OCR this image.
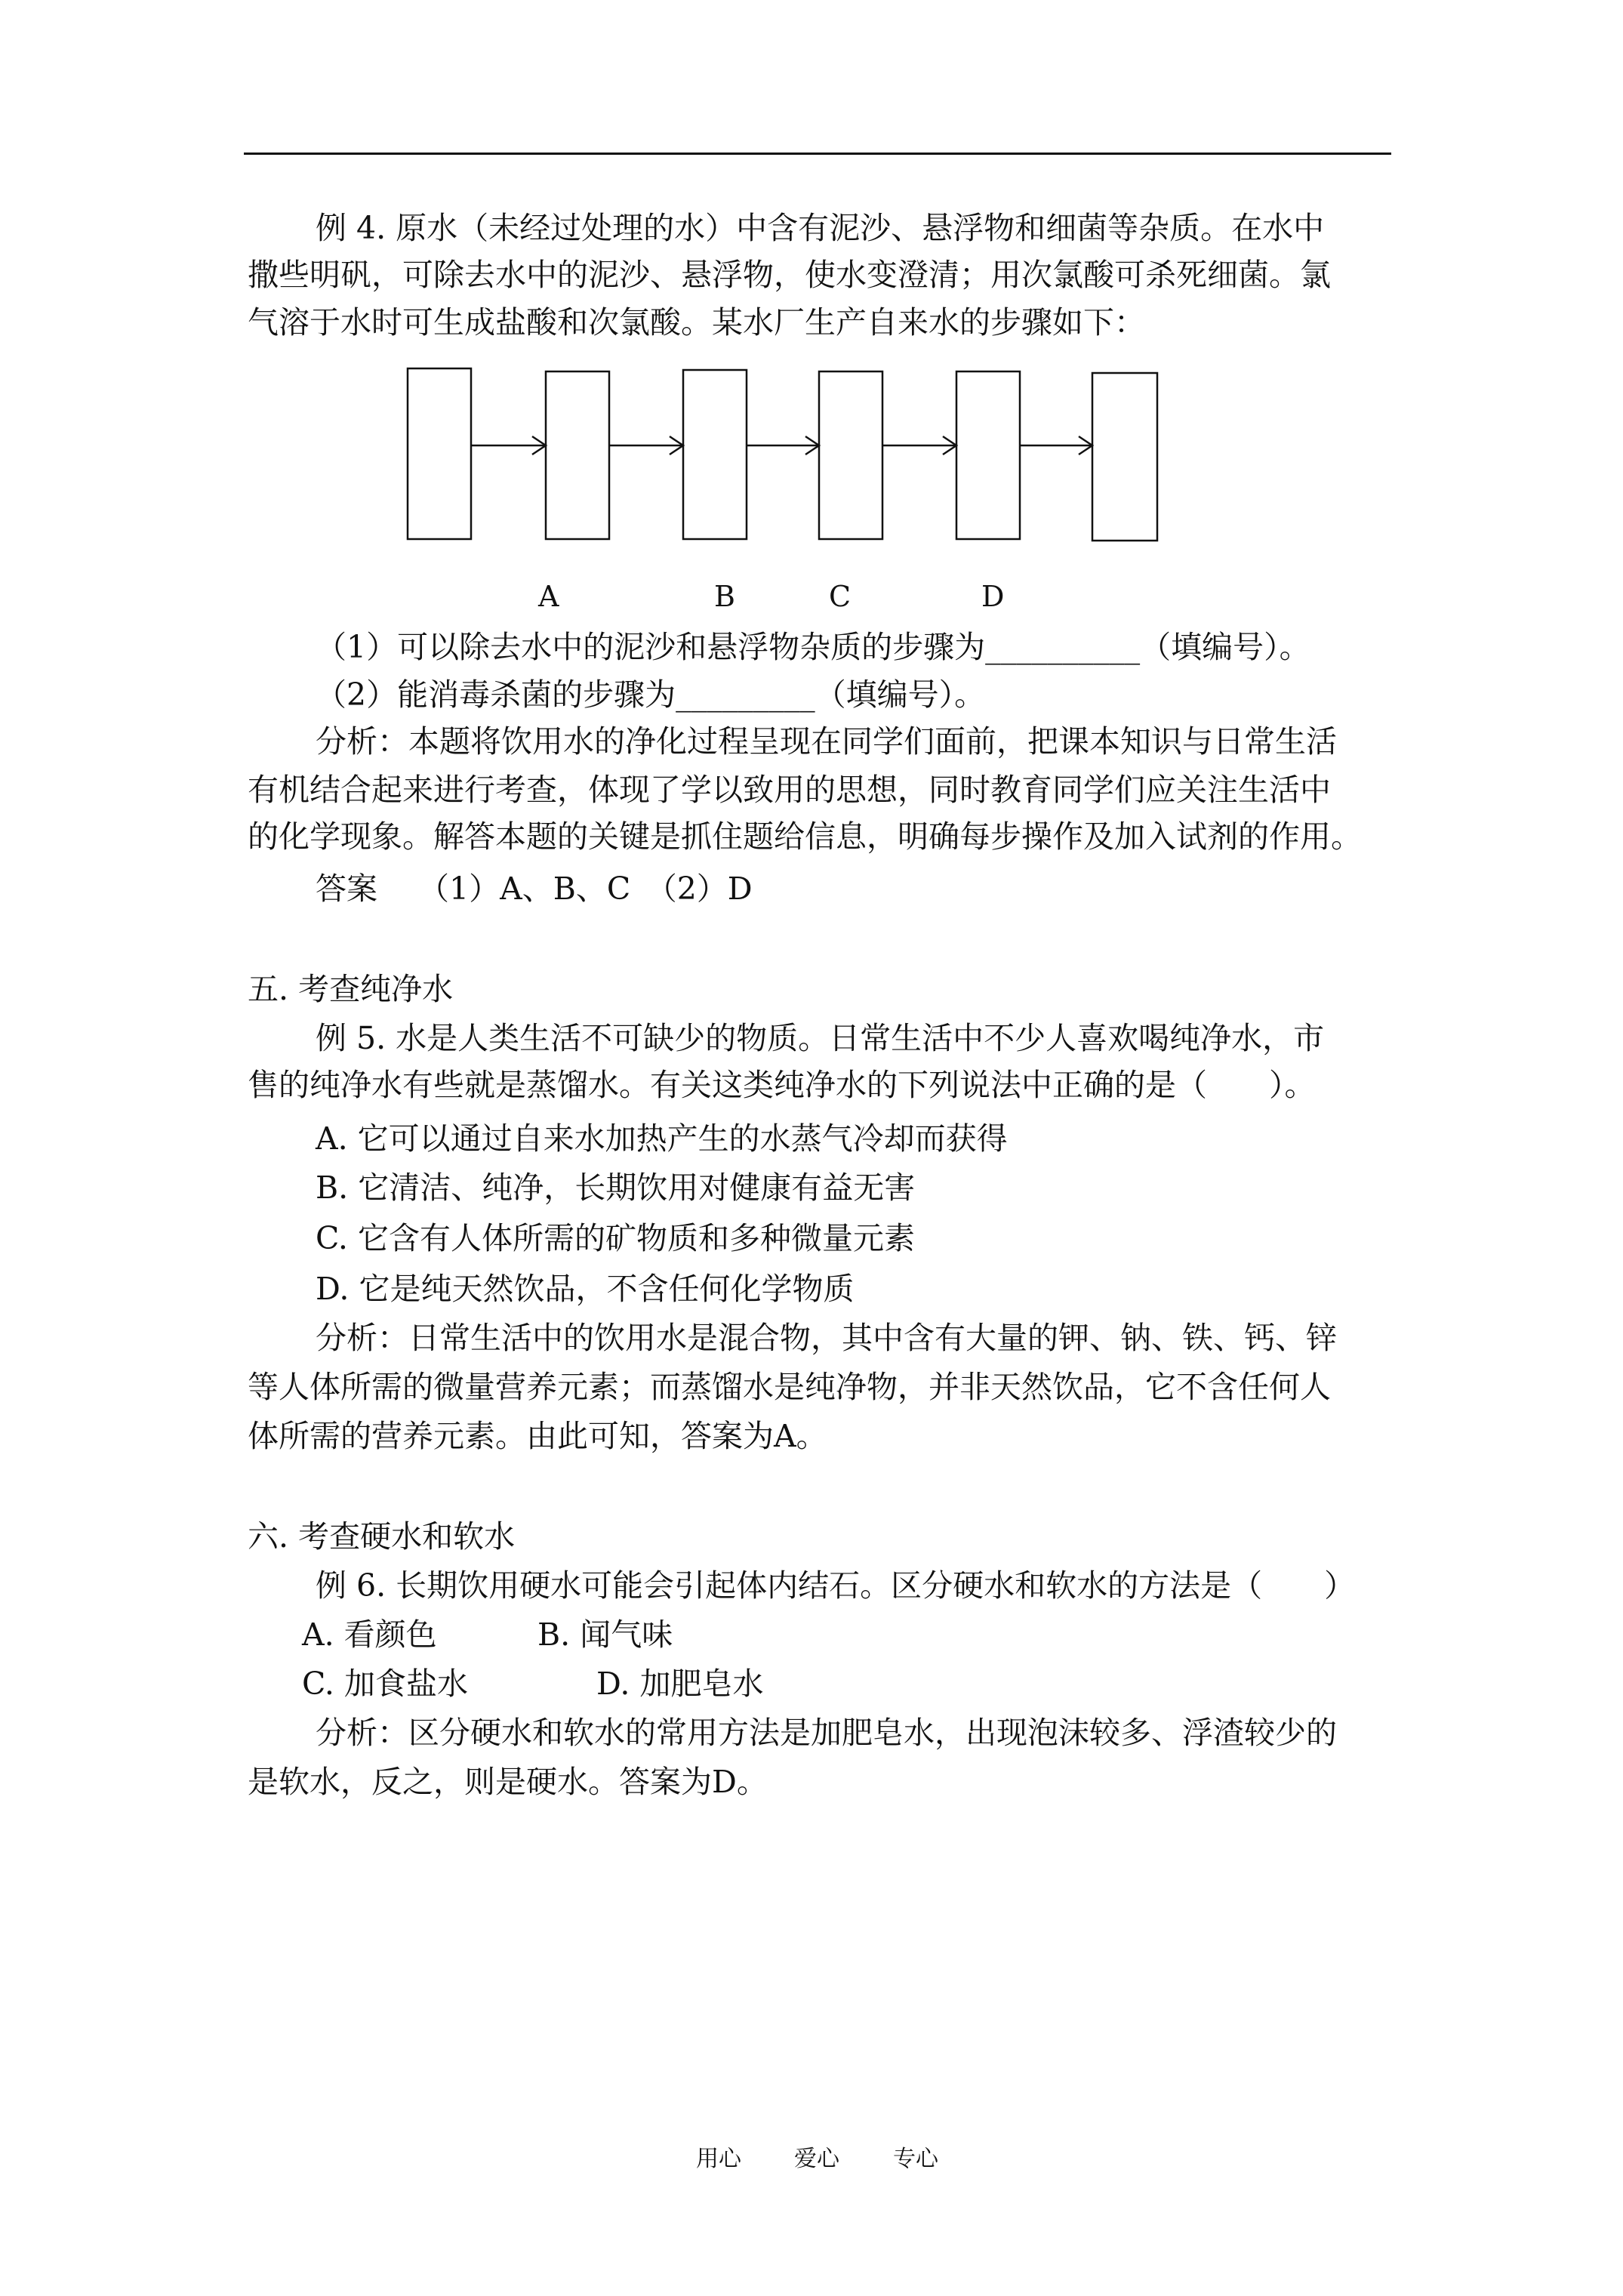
例 4. 原水（未经过处理的水）中含有泥沙、悬浮物和细菌等杂质。在水中
撒些明矾，可除去水中的泥沙、悬浮物，使水变澄清；用次氯酸可杀死细菌。氯
气溶于水时可生成盐酸和次氯酸。某水厂生产自来水的步骤如下：
A	B	C	D
（1）可以除去水中的泥沙和悬浮物杂质的步骤为__________（填编号）。
（2）能消毒杀菌的步骤为_________（填编号）。
分析：本题将饮用水的净化过程呈现在同学们面前，把课本知识与日常生活
有机结合起来进行考查，体现了学以致用的思想，同时教育同学们应关注生活中
的化学现象。解答本题的关键是抓住题给信息，明确每步操作及加入试剂的作用。
答案　 （1）A、B、C　（2）D
五. 考查纯净水
例 5. 水是人类生活不可缺少的物质。日常生活中不少人喜欢喝纯净水，市
售的纯净水有些就是蒸馏水。有关这类纯净水的下列说法中正确的是（　　）。
A. 它可以通过自来水加热产生的水蒸气冷却而获得
B. 它清洁、纯净，长期饮用对健康有益无害
C. 它含有人体所需的矿物质和多种微量元素
D. 它是纯天然饮品，不含任何化学物质
分析：日常生活中的饮用水是混合物，其中含有大量的钾、钠、铁、钙、锌
等人体所需的微量营养元素；而蒸馏水是纯净物，并非天然饮品，它不含任何人
体所需的营养元素。由此可知，答案为A。
六. 考查硬水和软水
例 6. 长期饮用硬水可能会引起体内结石。区分硬水和软水的方法是（　　）
A. 看颜色	B. 闻气味
C. 加食盐水	D. 加肥皂水
分析：区分硬水和软水的常用方法是加肥皂水，出现泡沫较多、浮渣较少的
是软水，反之，则是硬水。答案为D。
用心 爱心 专心
